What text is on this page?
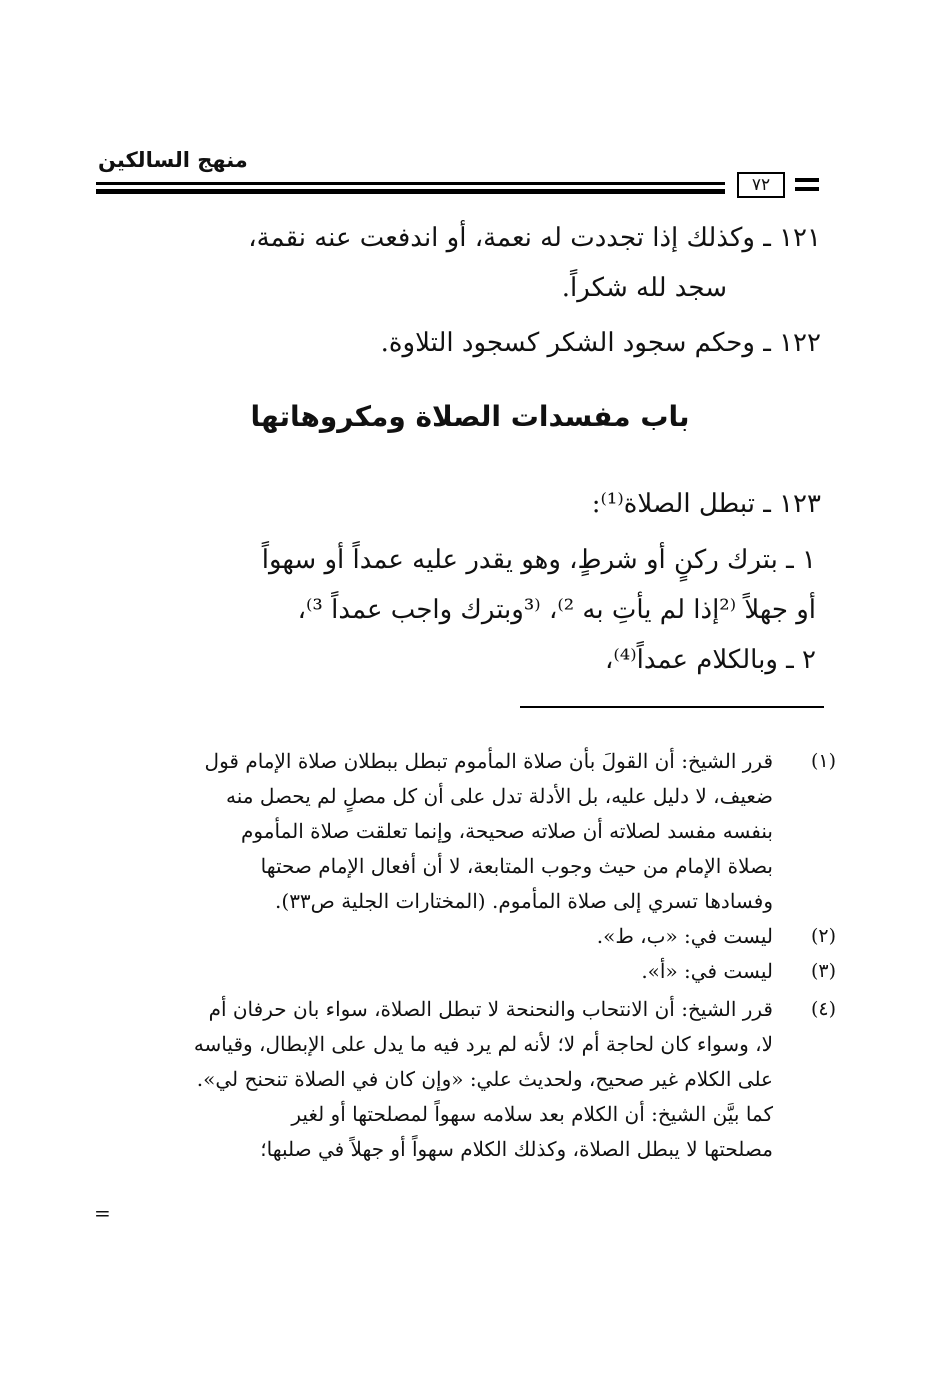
منهج السالكين
٧٢
١٢١ ـ وكذلك إذا تجددت له نعمة، أو اندفعت عنه نقمة،
سجد لله شكراً.
١٢٢ ـ وحكم سجود الشكر كسجود التلاوة.
باب مفسدات الصلاة ومكروهاتها
١٢٣ ـ تبطل الصلاة⁽¹⁾:
١ ـ بترك ركنٍ أو شرطٍ، وهو يقدر عليه عمداً أو سهواً
أو جهلاً ⁽²إذا لم يأتِ به ²⁾، ⁽³وبترك واجب عمداً ³⁾،
٢ ـ وبالكلام عمداً⁽⁴⁾،
(١)
قرر الشيخ: أن القولَ بأن صلاة المأموم تبطل ببطلان صلاة الإمام قول
ضعيف، لا دليل عليه، بل الأدلة تدل على أن كل مصلٍ لم يحصل منه
بنفسه مفسد لصلاته أن صلاته صحيحة، وإنما تعلقت صلاة المأموم
بصلاة الإمام من حيث وجوب المتابعة، لا أن أفعال الإمام صحتها
وفسادها تسري إلى صلاة المأموم. (المختارات الجلية ص٣٣).
(٢)
ليست في: «ب، ط».
(٣)
ليست في: «أ».
(٤)
قرر الشيخ: أن الانتحاب والنحنحة لا تبطل الصلاة، سواء بان حرفان أم
لا، وسواء كان لحاجة أم لا؛ لأنه لم يرد فيه ما يدل على الإبطال، وقياسه
على الكلام غير صحيح، ولحديث علي: «وإن كان في الصلاة تنحنح لي».
كما بيَّن الشيخ: أن الكلام بعد سلامه سهواً لمصلحتها أو لغير
مصلحتها لا يبطل الصلاة، وكذلك الكلام سهواً أو جهلاً في صلبها؛
=
